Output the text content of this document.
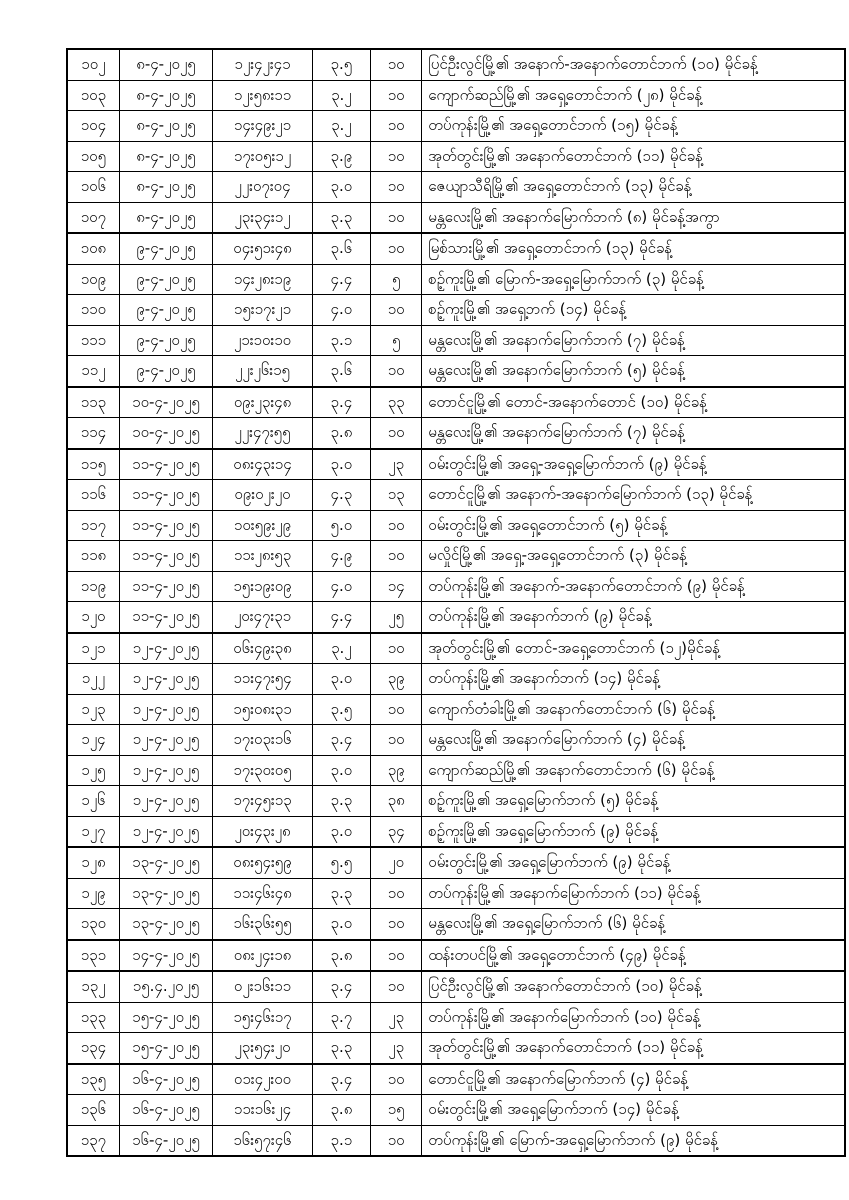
၁၀၂	၈-၄-၂၀၂၅	၁၂း၄၂း၄၁	၃.၅	၁၀	ပြင်ဦးလွင်မြို့၏ အနောက်-အနောက်တောင်ဘက် (၁၀) မိုင်ခန့်
၁၀၃	၈-၄-၂၀၂၅	၁၂း၅၈း၁၁	၃.၂	၁၀	ကျောက်ဆည်မြို့၏ အရှေ့တောင်ဘက် (၂၈) မိုင်ခန့်
၁၀၄	၈-၄-၂၀၂၅	၁၄း၄၉း၂၁	၃.၂	၁၀	တပ်ကုန်းမြို့၏ အရှေ့တောင်ဘက် (၁၅) မိုင်ခန့်
၁၀၅	၈-၄-၂၀၂၅	၁၇း၀၅း၁၂	၃.၉	၁၀	အုတ်တွင်းမြို့၏ အနောက်တောင်ဘက် (၁၁) မိုင်ခန့်
၁၀၆	၈-၄-၂၀၂၅	၂၂း၀၇း၀၄	၃.၀	၁၀	ဇေယျာသီရိမြို့၏ အရှေ့တောင်ဘက် (၁၃) မိုင်ခန့်
၁၀၇	၈-၄-၂၀၂၅	၂၃း၃၄း၁၂	၃.၃	၁၀	မန္တလေးမြို့၏ အနောက်မြောက်ဘက် (၈) မိုင်ခန့်အကွာ
၁၀၈	၉-၄-၂၀၂၅	၀၄း၅၁း၄၈	၃.၆	၁၀	မြစ်သားမြို့၏ အရှေ့တောင်ဘက် (၁၃) မိုင်ခန့်
၁၀၉	၉-၄-၂၀၂၅	၁၄း၂၈း၁၉	၄.၄	၅	စဉ့်ကူးမြို့၏ မြောက်-အရှေ့မြောက်ဘက် (၃) မိုင်ခန့်
၁၁၀	၉-၄-၂၀၂၅	၁၅း၁၇း၂၁	၄.၀	၁၀	စဉ့်ကူးမြို့၏ အရှေ့ဘက် (၁၄) မိုင်ခန့်
၁၁၁	၉-၄-၂၀၂၅	၂၁း၁၀း၁၀	၃.၁	၅	မန္တလေးမြို့၏ အနောက်မြောက်ဘက် (၇) မိုင်ခန့်
၁၁၂	၉-၄-၂၀၂၅	၂၂း၂၆း၁၅	၃.၆	၁၀	မန္တလေးမြို့၏ အနောက်မြောက်ဘက် (၅) မိုင်ခန့်
၁၁၃	၁၀-၄-၂၀၂၅	၀၉း၂၃း၄၈	၃.၄	၃၃	တောင်ငူမြို့၏ တောင်-အနောက်တောင် (၁၀) မိုင်ခန့်
၁၁၄	၁၀-၄-၂၀၂၅	၂၂း၄၇း၅၅	၃.၈	၁၀	မန္တလေးမြို့၏ အနောက်မြောက်ဘက် (၇) မိုင်ခန့်
၁၁၅	၁၁-၄-၂၀၂၅	၀၈း၄၃း၁၄	၃.၀	၂၃	ဝမ်းတွင်းမြို့၏ အရှေ့-အရှေ့မြောက်ဘက် (၉) မိုင်ခန့်
၁၁၆	၁၁-၄-၂၀၂၅	၀၉း၀၂း၂၀	၄.၃	၁၃	တောင်ငူမြို့၏ အနောက်-အနောက်မြောက်ဘက် (၁၃) မိုင်ခန့်
၁၁၇	၁၁-၄-၂၀၂၅	၁၀း၅၉း၂၉	၅.၀	၁၀	ဝမ်းတွင်းမြို့၏ အရှေ့တောင်ဘက် (၅) မိုင်ခန့်
၁၁၈	၁၁-၄-၂၀၂၅	၁၁း၂၈း၅၃	၄.၉	၁၀	မလှိုင်မြို့၏ အရှေ့-အရှေ့တောင်ဘက် (၃) မိုင်ခန့်
၁၁၉	၁၁-၄-၂၀၂၅	၁၅း၁၉း၀၉	၄.၀	၁၄	တပ်ကုန်းမြို့၏ အနောက်-အနောက်တောင်ဘက် (၉) မိုင်ခန့်
၁၂၀	၁၁-၄-၂၀၂၅	၂၀း၄၇း၃၁	၄.၄	၂၅	တပ်ကုန်းမြို့၏ အနောက်ဘက် (၉) မိုင်ခန့်
၁၂၁	၁၂-၄-၂၀၂၅	၀၆း၄၉း၃၈	၃.၂	၁၀	အုတ်တွင်းမြို့၏ တောင်-အရှေ့တောင်ဘက် (၁၂)မိုင်ခန့်
၁၂၂	၁၂-၄-၂၀၂၅	၁၁း၄၇း၅၄	၃.၀	၃၉	တပ်ကုန်းမြို့၏ အနောက်ဘက် (၁၄) မိုင်ခန့်
၁၂၃	၁၂-၄-၂၀၂၅	၁၅း၀၈း၃၁	၃.၅	၁၀	ကျောက်တံခါးမြို့၏ အနောက်တောင်ဘက် (၆) မိုင်ခန့်
၁၂၄	၁၂-၄-၂၀၂၅	၁၇း၀၃း၁၆	၃.၄	၁၀	မန္တလေးမြို့၏ အနောက်မြောက်ဘက် (၄) မိုင်ခန့်
၁၂၅	၁၂-၄-၂၀၂၅	၁၇း၃၀း၀၅	၃.၀	၃၉	ကျောက်ဆည်မြို့၏ အနောက်တောင်ဘက် (၆) မိုင်ခန့်
၁၂၆	၁၂-၄-၂၀၂၅	၁၇း၄၅း၁၃	၃.၃	၃၈	စဉ့်ကူးမြို့၏ အရှေ့မြောက်ဘက် (၅) မိုင်ခန့်
၁၂၇	၁၂-၄-၂၀၂၅	၂၀း၄၃း၂၈	၃.၀	၃၄	စဉ့်ကူးမြို့၏ အရှေ့မြောက်ဘက် (၉) မိုင်ခန့်
၁၂၈	၁၃-၄-၂၀၂၅	၀၈း၅၄း၅၉	၅.၅	၂၀	ဝမ်းတွင်းမြို့၏ အရှေ့မြောက်ဘက် (၉) မိုင်ခန့်
၁၂၉	၁၃-၄-၂၀၂၅	၁၁း၄၆း၄၈	၃.၃	၁၀	တပ်ကုန်းမြို့၏ အနောက်မြောက်ဘက် (၁၁) မိုင်ခန့်
၁၃၀	၁၃-၄-၂၀၂၅	၁၆း၃၆း၅၅	၃.၀	၁၀	မန္တလေးမြို့၏ အရှေ့မြောက်ဘက် (၆) မိုင်ခန့်
၁၃၁	၁၄-၄-၂၀၂၅	၀၈း၂၄း၁၈	၃.၈	၁၀	ထန်းတပင်မြို့၏ အရှေ့တောင်ဘက် (၄၉) မိုင်ခန့်
၁၃၂	၁၅.၄.၂၀၂၅	၀၂း၁၆း၁၁	၃.၄	၁၀	ပြင်ဦးလွင်မြို့၏ အနောက်တောင်ဘက် (၁၀) မိုင်ခန့်
၁၃၃	၁၅-၄-၂၀၂၅	၁၅း၄၆း၁၇	၃.၇	၂၃	တပ်ကုန်းမြို့၏ အနောက်မြောက်ဘက် (၁၀) မိုင်ခန့်
၁၃၄	၁၅-၄-၂၀၂၅	၂၃း၅၄း၂၀	၃.၃	၂၃	အုတ်တွင်းမြို့၏ အနောက်တောင်ဘက် (၁၁) မိုင်ခန့်
၁၃၅	၁၆-၄-၂၀၂၅	၀၁း၄၂း၀၀	၃.၄	၁၀	တောင်ငူမြို့၏ အနောက်မြောက်ဘက် (၄) မိုင်ခန့်
၁၃၆	၁၆-၄-၂၀၂၅	၁၁း၁၆း၂၄	၃.၈	၁၅	ဝမ်းတွင်းမြို့၏ အရှေ့မြောက်ဘက် (၁၄) မိုင်ခန့်
၁၃၇	၁၆-၄-၂၀၂၅	၁၆း၅၇း၄၆	၃.၁	၁၀	တပ်ကုန်းမြို့၏ မြောက်-အရှေ့မြောက်ဘက် (၉) မိုင်ခန့်
